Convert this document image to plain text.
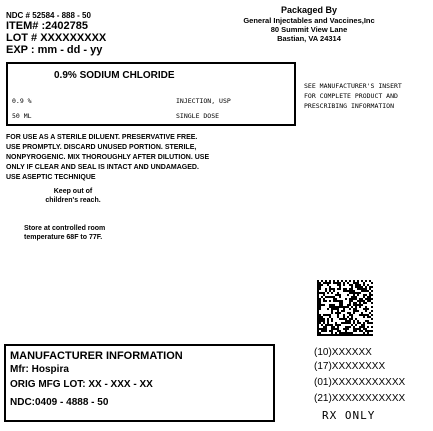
NDC # 52584 - 888 - 50
ITEM# :2402785
LOT # XXXXXXXXX
EXP : mm - dd - yy
Packaged By
General Injectables and Vaccines,Inc
80 Summit View Lane
Bastian, VA 24314
0.9% SODIUM CHLORIDE
0.9 %	INJECTION, USP
50 ML	SINGLE DOSE
SEE MANUFACTURER'S INSERT
FOR COMPLETE PRODUCT AND
PRESCRIBING INFORMATION
FOR USE AS A STERILE DILUENT. PRESERVATIVE FREE.
USE PROMPTLY. DISCARD UNUSED PORTION. STERILE,
NONPYROGENIC. MIX THOROUGHLY AFTER DILUTION. USE
ONLY IF CLEAR AND SEAL IS INTACT AND UNDAMAGED.
USE ASEPTIC TECHNIQUE
Keep out of
children's reach.
Store at controlled room
temperature 68F to 77F.
MANUFACTURER INFORMATION
Mfr: Hospira
ORIG MFG LOT: XX - XXX - XX
NDC:0409 - 4888 - 50
(10)XXXXXX
(17)XXXXXXXX
(01)XXXXXXXXXXX
(21)XXXXXXXXXXX
RX ONLY
